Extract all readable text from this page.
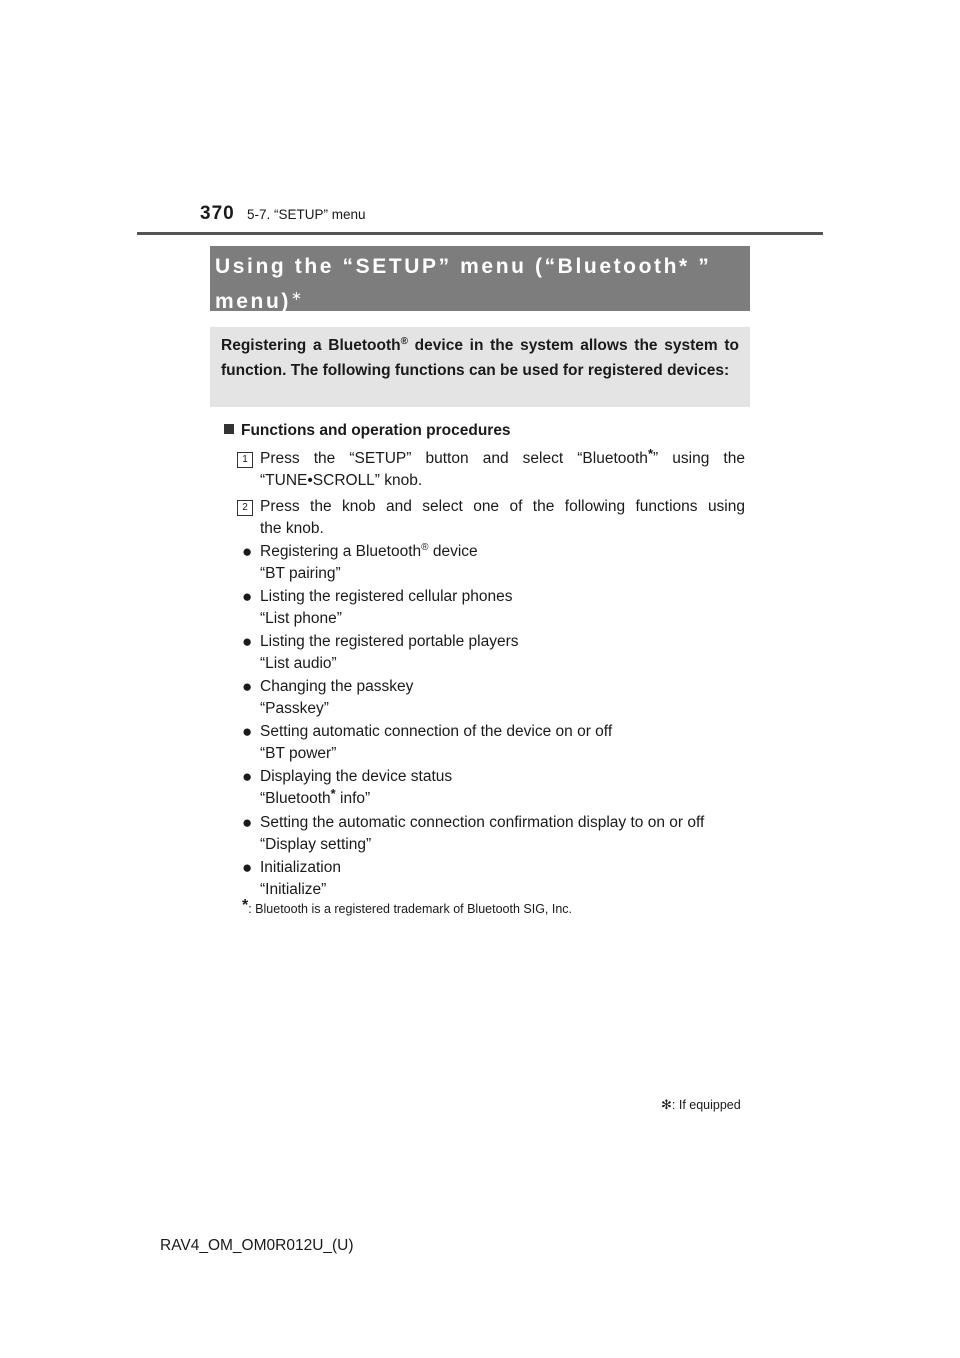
370 5-7. “SETUP” menu
Using the “SETUP” menu (“Bluetooth* ”
menu)∗
Registering a Bluetooth® device in the system allows the system to function. The following functions can be used for registered devices:
Functions and operation procedures
1 Press the “SETUP” button and select “Bluetooth*” using the
“TUNE•SCROLL” knob.
2 Press the knob and select one of the following functions using
the knob.
● Registering a Bluetooth® device
“BT pairing”
● Listing the registered cellular phones
“List phone”
● Listing the registered portable players
“List audio”
● Changing the passkey
“Passkey”
● Setting automatic connection of the device on or off
“BT power”
● Displaying the device status
“Bluetooth* info”
● Setting the automatic connection confirmation display to on or off
“Display setting”
● Initialization
“Initialize”
*: Bluetooth is a registered trademark of Bluetooth SIG, Inc.
✻: If equipped
RAV4_OM_OM0R012U_(U)
